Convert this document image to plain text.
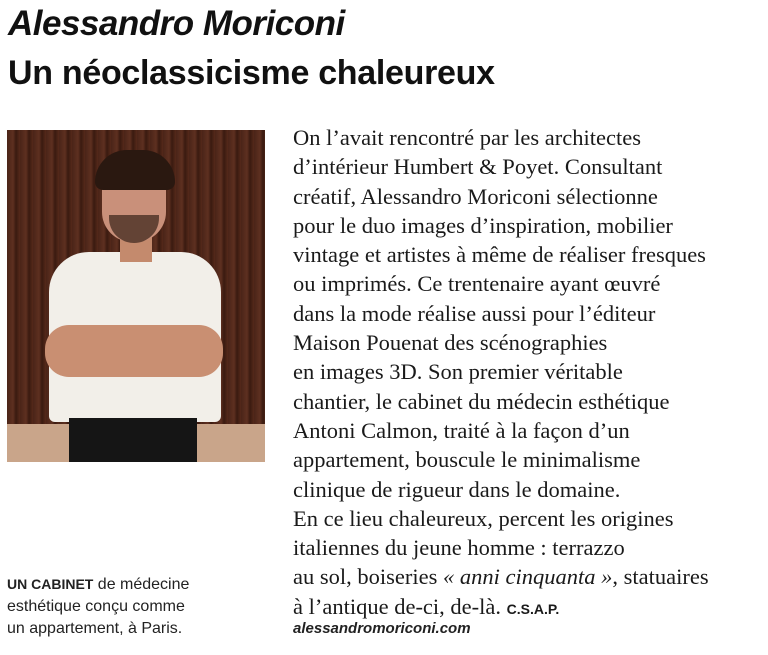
Alessandro Moriconi
Un néoclassicisme chaleureux
On l’avait rencontré par les architectes
d’intérieur Humbert & Poyet. Consultant
créatif, Alessandro Moriconi sélectionne
pour le duo images d’inspiration, mobilier
vintage et artistes à même de réaliser fresques
ou imprimés. Ce trentenaire ayant œuvré
dans la mode réalise aussi pour l’éditeur
Maison Pouenat des scénographies
en images 3D. Son premier véritable
chantier, le cabinet du médecin esthétique
Antoni Calmon, traité à la façon d’un
appartement, bouscule le minimalisme
clinique de rigueur dans le domaine.
En ce lieu chaleureux, percent les origines
italiennes du jeune homme : terrazzo
au sol, boiseries « anni cinquanta », statuaires
à l’antique de-ci, de-là. C.S.A.P.
alessandromoriconi.com
UN CABINET de médecine
esthétique conçu comme
un appartement, à Paris.
